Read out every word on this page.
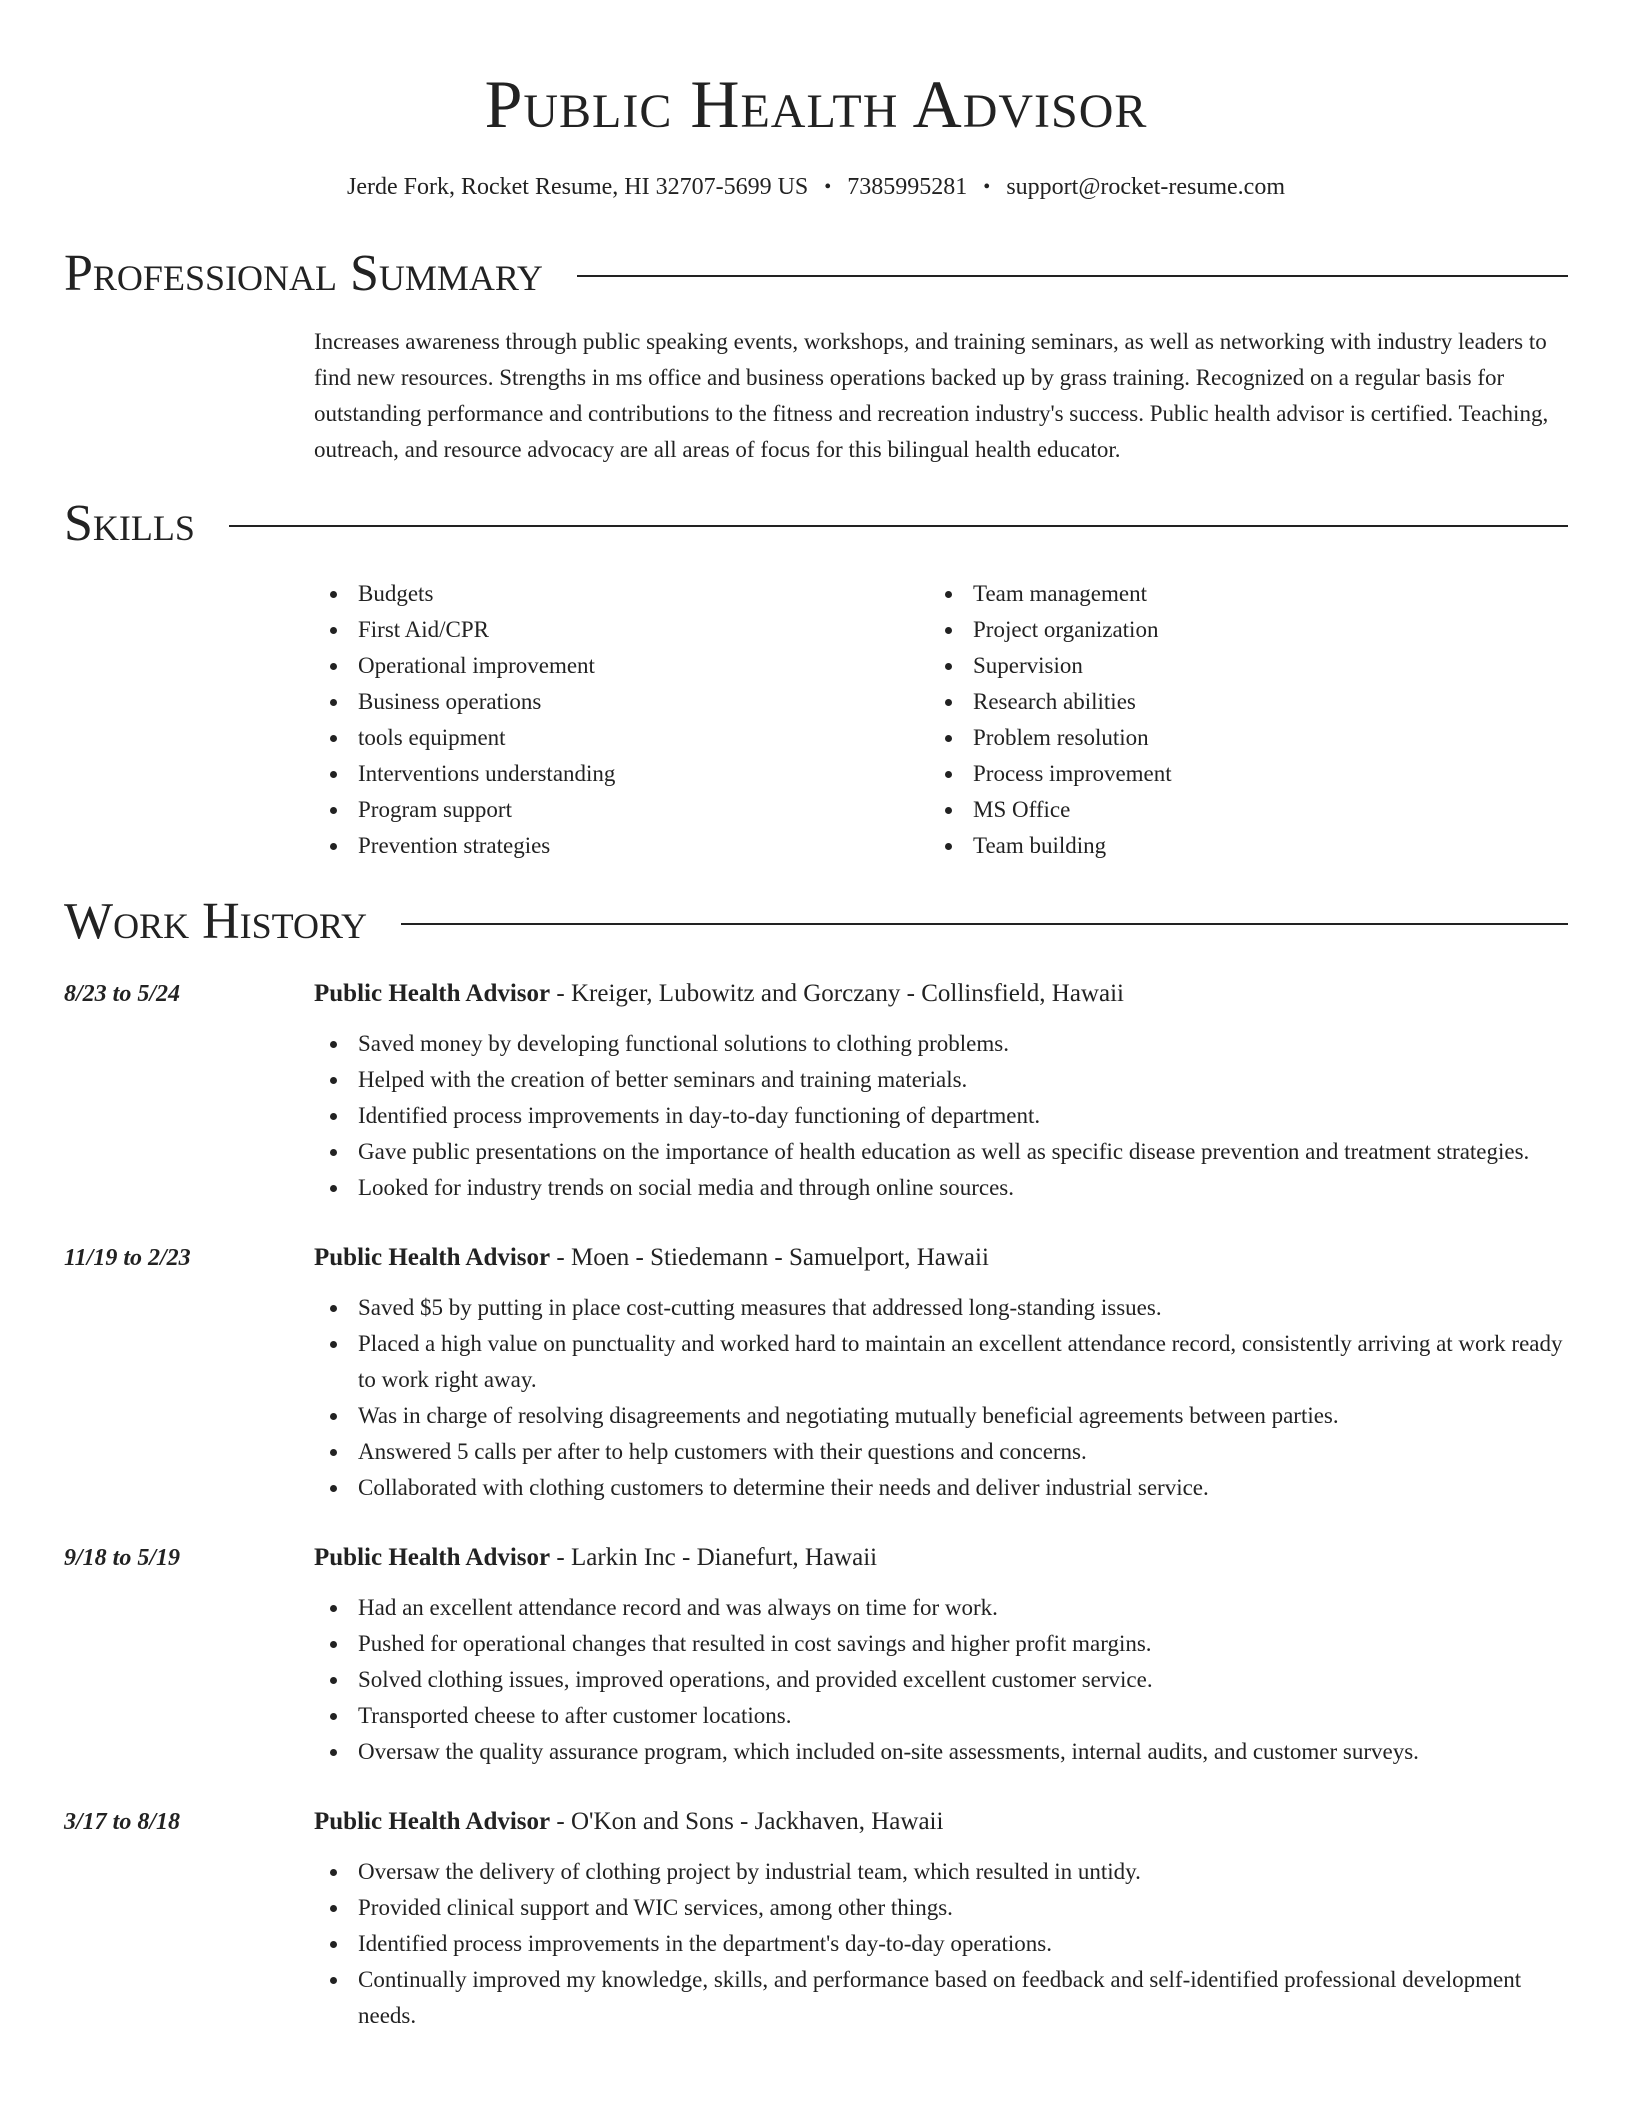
Public Health Advisor
Jerde Fork, Rocket Resume, HI 32707-5699 US • 7385995281 • support@rocket-resume.com
Professional Summary

Increases awareness through public speaking events, workshops, and training seminars, as well as networking with industry leaders to find new resources. Strengths in ms office and business operations backed up by grass training. Recognized on a regular basis for outstanding performance and contributions to the fitness and recreation industry's success. Public health advisor is certified. Teaching, outreach, and resource advocacy are all areas of focus for this bilingual health educator.

Skills
Budgets
First Aid/CPR
Operational improvement
Business operations
tools equipment
Interventions understanding
Program support
Prevention strategies
Team management
Project organization
Supervision
Research abilities
Problem resolution
Process improvement
MS Office
Team building
Work History
8/23 to 5/24	Public Health Advisor - Kreiger, Lubowitz and Gorczany - Collinsfield, Hawaii
Saved money by developing functional solutions to clothing problems.
Helped with the creation of better seminars and training materials.
Identified process improvements in day-to-day functioning of department.
Gave public presentations on the importance of health education as well as specific disease prevention and treatment strategies.
Looked for industry trends on social media and through online sources.
11/19 to 2/23	Public Health Advisor - Moen - Stiedemann - Samuelport, Hawaii
Saved $5 by putting in place cost-cutting measures that addressed long-standing issues.
Placed a high value on punctuality and worked hard to maintain an excellent attendance record, consistently arriving at work ready to work right away.
Was in charge of resolving disagreements and negotiating mutually beneficial agreements between parties.
Answered 5 calls per after to help customers with their questions and concerns.
Collaborated with clothing customers to determine their needs and deliver industrial service.
9/18 to 5/19	Public Health Advisor - Larkin Inc - Dianefurt, Hawaii
Had an excellent attendance record and was always on time for work.
Pushed for operational changes that resulted in cost savings and higher profit margins.
Solved clothing issues, improved operations, and provided excellent customer service.
Transported cheese to after customer locations.
Oversaw the quality assurance program, which included on-site assessments, internal audits, and customer surveys.
3/17 to 8/18	Public Health Advisor - O'Kon and Sons - Jackhaven, Hawaii
Oversaw the delivery of clothing project by industrial team, which resulted in untidy.
Provided clinical support and WIC services, among other things.
Identified process improvements in the department's day-to-day operations.
Continually improved my knowledge, skills, and performance based on feedback and self-identified professional development needs.
